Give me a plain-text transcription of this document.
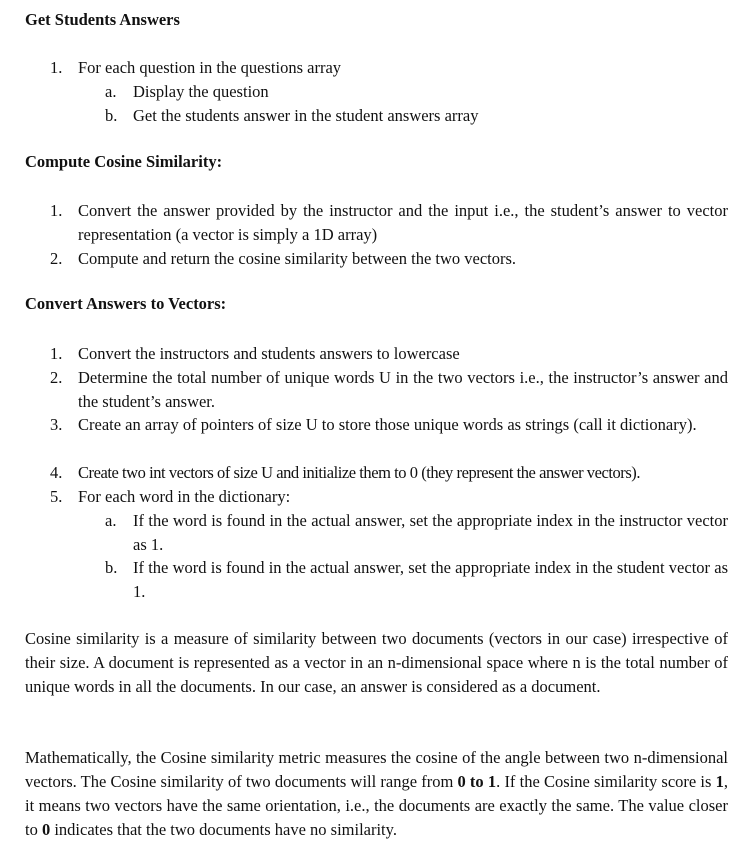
Get Students Answers
1. For each question in the questions array
a. Display the question
b. Get the students answer in the student answers array
Compute Cosine Similarity:
1. Convert the answer provided by the instructor and the input i.e., the student’s answer to vector representation (a vector is simply a 1D array)
2. Compute and return the cosine similarity between the two vectors.
Convert Answers to Vectors:
1. Convert the instructors and students answers to lowercase
2. Determine the total number of unique words U in the two vectors i.e., the instructor’s answer and the student’s answer.
3. Create an array of pointers of size U to store those unique words as strings (call it dictionary).
4. Create two int vectors of size U and initialize them to 0 (they represent the answer vectors).
5. For each word in the dictionary:
a. If the word is found in the actual answer, set the appropriate index in the instructor vector as 1.
b. If the word is found in the actual answer, set the appropriate index in the student vector as 1.
Cosine similarity is a measure of similarity between two documents (vectors in our case) irrespective of their size. A document is represented as a vector in an n-dimensional space where n is the total number of unique words in all the documents. In our case, an answer is considered as a document.
Mathematically, the Cosine similarity metric measures the cosine of the angle between two n-dimensional vectors. The Cosine similarity of two documents will range from 0 to 1. If the Cosine similarity score is 1, it means two vectors have the same orientation, i.e., the documents are exactly the same. The value closer to 0 indicates that the two documents have no similarity.
